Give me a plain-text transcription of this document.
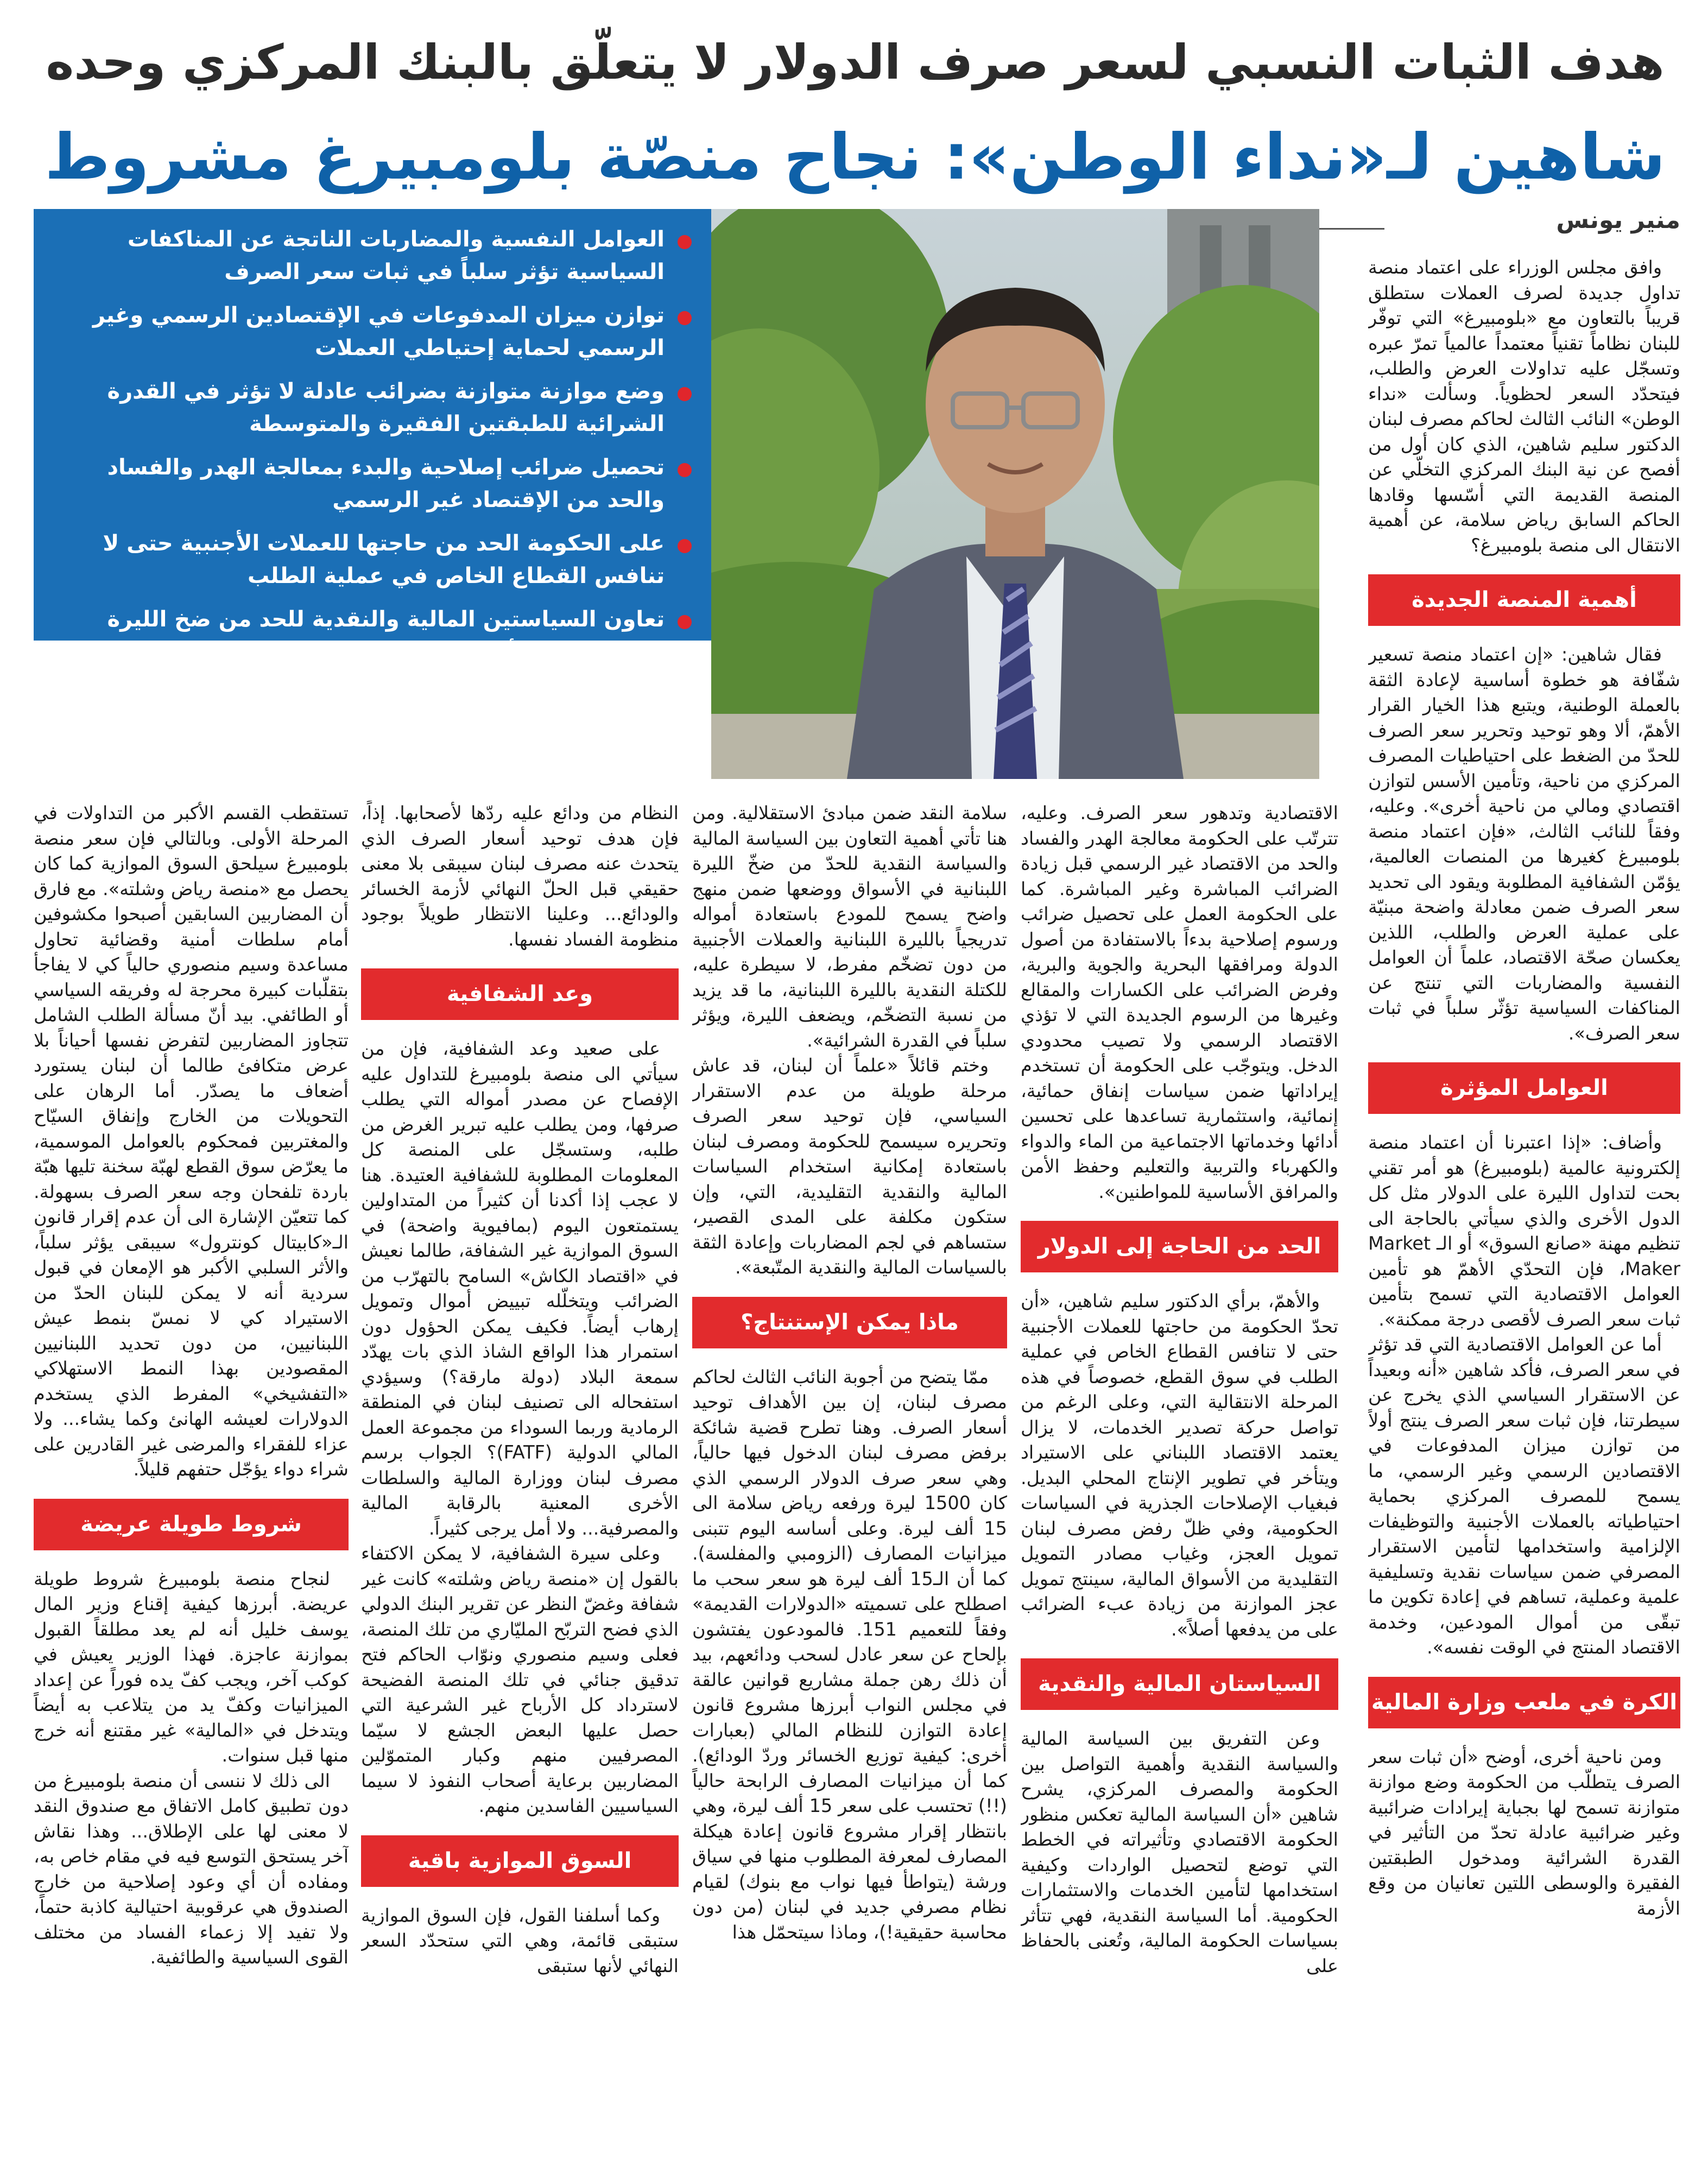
هدف الثبات النسبي لسعر صرف الدولار لا يتعلّق بالبنك المركزي وحده
شاهين لـ«نداء الوطن»: نجاح منصّة بلومبيرغ مشروط
منير يونس
العوامل النفسية والمضاربات الناتجة عن المناكفات السياسية تؤثر سلباً في ثبات سعر الصرف
توازن ميزان المدفوعات في الإقتصادين الرسمي وغير الرسمي لحماية إحتياطي العملات
وضع موازنة متوازنة بضرائب عادلة لا تؤثر في القدرة الشرائية للطبقتين الفقيرة والمتوسطة
تحصيل ضرائب إصلاحية والبدء بمعالجة الهدر والفساد والحد من الإقتصاد غير الرسمي
على الحكومة الحد من حاجتها للعملات الأجنبية حتى لا تنافس القطاع الخاص في عملية الطلب
تعاون السياستين المالية والنقدية للحد من ضخ الليرة اللبنانية في الأسواق ولجم إرتفاع التضخم

وافق مجلس الوزراء على اعتماد منصة تداول جديدة لصرف العملات ستطلق قريباً بالتعاون مع «بلومبيرغ» التي توفّر للبنان نظاماً تقنياً معتمداً عالمياً تمرّ عبره وتسجّل عليه تداولات العرض والطلب، فيتحدّد السعر لحظوياً. وسألت «نداء الوطن» النائب الثالث لحاكم مصرف لبنان الدكتور سليم شاهين، الذي كان أول من أفصح عن نية البنك المركزي التخلّي عن المنصة القديمة التي أسّسها وقادها الحاكم السابق رياض سلامة، عن أهمية الانتقال الى منصة بلومبيرغ؟

أهمية المنصة الجديدة

فقال شاهين: «إن اعتماد منصة تسعير شفّافة هو خطوة أساسية لإعادة الثقة بالعملة الوطنية، ويتبع هذا الخيار القرار الأهمّ، ألا وهو توحيد وتحرير سعر الصرف للحدّ من الضغط على احتياطيات المصرف المركزي من ناحية، وتأمين الأسس لتوازن اقتصادي ومالي من ناحية أخرى». وعليه، وفقاً للنائب الثالث، «فإن اعتماد منصة بلومبيرغ كغيرها من المنصات العالمية، يؤمّن الشفافية المطلوبة ويقود الى تحديد سعر الصرف ضمن معادلة واضحة مبنيّة على عملية العرض والطلب، اللذين يعكسان صحّة الاقتصاد، علماً أن العوامل النفسية والمضاربات التي تنتج عن المناكفات السياسية تؤثّر سلباً في ثبات سعر الصرف».

العوامل المؤثرة

وأضاف: «إذا اعتبرنا أن اعتماد منصة إلكترونية عالمية (بلومبيرغ) هو أمر تقني بحت لتداول الليرة على الدولار مثل كل الدول الأخرى والذي سيأتي بالحاجة الى تنظيم مهنة «صانع السوق» أو الـ Market Maker، فإن التحدّي الأهمّ هو تأمين العوامل الاقتصادية التي تسمح بتأمين ثبات سعر الصرف لأقصى درجة ممكنة».

أما عن العوامل الاقتصادية التي قد تؤثر في سعر الصرف، فأكد شاهين «أنه وبعيداً عن الاستقرار السياسي الذي يخرج عن سيطرتنا، فإن ثبات سعر الصرف ينتج أولاً من توازن ميزان المدفوعات في الاقتصادين الرسمي وغير الرسمي، ما يسمح للمصرف المركزي بحماية احتياطياته بالعملات الأجنبية والتوظيفات الإلزامية واستخدامها لتأمين الاستقرار المصرفي ضمن سياسات نقدية وتسليفية علمية وعملية، تساهم في إعادة تكوين ما تبقّى من أموال المودعين، وخدمة الاقتصاد المنتج في الوقت نفسه».

الكرة في ملعب وزارة المالية

ومن ناحية أخرى، أوضح «أن ثبات سعر الصرف يتطلّب من الحكومة وضع موازنة متوازنة تسمح لها بجباية إيرادات ضرائبية وغير ضرائبية عادلة تحدّ من التأثير في القدرة الشرائية ومدخول الطبقتين الفقيرة والوسطى اللتين تعانيان من وقع الأزمة

الاقتصادية وتدهور سعر الصرف. وعليه، تترتّب على الحكومة معالجة الهدر والفساد والحد من الاقتصاد غير الرسمي قبل زيادة الضرائب المباشرة وغير المباشرة. كما على الحكومة العمل على تحصيل ضرائب ورسوم إصلاحية بدءاً بالاستفادة من أصول الدولة ومرافقها البحرية والجوية والبرية، وفرض الضرائب على الكسارات والمقالع وغيرها من الرسوم الجديدة التي لا تؤذي الاقتصاد الرسمي ولا تصيب محدودي الدخل. ويتوجّب على الحكومة أن تستخدم إيراداتها ضمن سياسات إنفاق حمائية، إنمائية، واستثمارية تساعدها على تحسين أدائها وخدماتها الاجتماعية من الماء والدواء والكهرباء والتربية والتعليم وحفظ الأمن والمرافق الأساسية للمواطنين».

الحد من الحاجة إلى الدولار

والأهمّ، برأي الدكتور سليم شاهين، «أن تحدّ الحكومة من حاجتها للعملات الأجنبية حتى لا تنافس القطاع الخاص في عملية الطلب في سوق القطع، خصوصاً في هذه المرحلة الانتقالية التي، وعلى الرغم من تواصل حركة تصدير الخدمات، لا يزال يعتمد الاقتصاد اللبناني على الاستيراد ويتأخر في تطوير الإنتاج المحلي البديل. فبغياب الإصلاحات الجذرية في السياسات الحكومية، وفي ظلّ رفض مصرف لبنان تمويل العجز، وغياب مصادر التمويل التقليدية من الأسواق المالية، سينتج تمويل عجز الموازنة من زيادة عبء الضرائب على من يدفعها أصلاً».

السياستان المالية والنقدية

وعن التفريق بين السياسة المالية والسياسة النقدية وأهمية التواصل بين الحكومة والمصرف المركزي، يشرح شاهين «أن السياسة المالية تعكس منظور الحكومة الاقتصادي وتأثيراته في الخطط التي توضع لتحصيل الواردات وكيفية استخدامها لتأمين الخدمات والاستثمارات الحكومية. أما السياسة النقدية، فهي تتأثر بسياسات الحكومة المالية، وتُعنى بالحفاظ على

سلامة النقد ضمن مبادئ الاستقلالية. ومن هنا تأتي أهمية التعاون بين السياسة المالية والسياسة النقدية للحدّ من ضخّ الليرة اللبنانية في الأسواق ووضعها ضمن منهج واضح يسمح للمودع باستعادة أمواله تدريجياً بالليرة اللبنانية والعملات الأجنبية من دون تضخّم مفرط، لا سيطرة عليه، للكتلة النقدية بالليرة اللبنانية، ما قد يزيد من نسبة التضخّم، ويضعف الليرة، ويؤثر سلباً في القدرة الشرائية».

وختم قائلاً «علماً أن لبنان، قد عاش مرحلة طويلة من عدم الاستقرار السياسي، فإن توحيد سعر الصرف وتحريره سيسمح للحكومة ومصرف لبنان باستعادة إمكانية استخدام السياسات المالية والنقدية التقليدية، التي، وإن ستكون مكلفة على المدى القصير، ستساهم في لجم المضاربات وإعادة الثقة بالسياسات المالية والنقدية المتّبعة».

ماذا يمكن الإستنتاج؟

ممّا يتضح من أجوبة النائب الثالث لحاكم مصرف لبنان، إن بين الأهداف توحيد أسعار الصرف. وهنا تطرح قضية شائكة برفض مصرف لبنان الدخول فيها حالياً، وهي سعر صرف الدولار الرسمي الذي كان 1500 ليرة ورفعه رياض سلامة الى 15 ألف ليرة. وعلى أساسه اليوم تتبنى ميزانيات المصارف (الزومبي والمفلسة). كما أن الـ15 ألف ليرة هو سعر سحب ما اصطلح على تسميته «الدولارات القديمة» وفقاً للتعميم 151. فالمودعون يفتشون بإلحاح عن سعر عادل لسحب ودائعهم، بيد أن ذلك رهن جملة مشاريع قوانين عالقة في مجلس النواب أبرزها مشروع قانون إعادة التوازن للنظام المالي (بعبارات أخرى: كيفية توزيع الخسائر وردّ الودائع). كما أن ميزانيات المصارف الرابحة حالياً (!!) تحتسب على سعر 15 ألف ليرة، وهي بانتظار إقرار مشروع قانون إعادة هيكلة المصارف لمعرفة المطلوب منها في سياق ورشة (يتواطأ فيها نواب مع بنوك) لقيام نظام مصرفي جديد في لبنان (من دون محاسبة حقيقية!)، وماذا سيتحمّل هذا

النظام من ودائع عليه ردّها لأصحابها. إذاً، فإن هدف توحيد أسعار الصرف الذي يتحدث عنه مصرف لبنان سيبقى بلا معنى حقيقي قبل الحلّ النهائي لأزمة الخسائر والودائع... وعلينا الانتظار طويلاً بوجود منظومة الفساد نفسها.

وعد الشفافية

على صعيد وعد الشفافية، فإن من سيأتي الى منصة بلومبيرغ للتداول عليه الإفصاح عن مصدر أمواله التي يطلب صرفها، ومن يطلب عليه تبرير الغرض من طلبه، وستسجّل على المنصة كل المعلومات المطلوبة للشفافية العتيدة. هنا لا عجب إذا أكدنا أن كثيراً من المتداولين يستمتعون اليوم (بمافيوية واضحة) في السوق الموازية غير الشفافة، طالما نعيش في «اقتصاد الكاش» السامح بالتهرّب من الضرائب ويتخلّله تبييض أموال وتمويل إرهاب أيضاً. فكيف يمكن الحؤول دون استمرار هذا الواقع الشاذ الذي بات يهدّد سمعة البلاد (دولة مارقة؟) وسيؤدي استفحاله الى تصنيف لبنان في المنطقة الرمادية وربما السوداء من مجموعة العمل المالي الدولية (FATF)؟ الجواب برسم مصرف لبنان ووزارة المالية والسلطات الأخرى المعنية بالرقابة المالية والمصرفية... ولا أمل يرجى كثيراً.

وعلى سيرة الشفافية، لا يمكن الاكتفاء بالقول إن «منصة رياض وشلته» كانت غير شفافة وغضّ النظر عن تقرير البنك الدولي الذي فضح التربّح المليّاري من تلك المنصة، فعلى وسيم منصوري ونوّاب الحاكم فتح تدقيق جنائي في تلك المنصة الفضيحة لاسترداد كل الأرباح غير الشرعية التي حصل عليها البعض الجشع لا سيّما المصرفيين منهم وكبار المتموّلين المضاربين برعاية أصحاب النفوذ لا سيما السياسيين الفاسدين منهم.

السوق الموازية باقية

وكما أسلفنا القول، فإن السوق الموازية ستبقى قائمة، وهي التي ستحدّد السعر النهائي لأنها ستبقى

تستقطب القسم الأكبر من التداولات في المرحلة الأولى. وبالتالي فإن سعر منصة بلومبيرغ سيلحق السوق الموازية كما كان يحصل مع «منصة رياض وشلته». مع فارق أن المضاربين السابقين أصبحوا مكشوفين أمام سلطات أمنية وقضائية تحاول مساعدة وسيم منصوري حالياً كي لا يفاجأ بتقلّبات كبيرة محرجة له وفريقه السياسي أو الطائفي. بيد أنّ مسألة الطلب الشامل تتجاوز المضاربين لتفرض نفسها أحياناً بلا عرض متكافئ طالما أن لبنان يستورد أضعاف ما يصدّر. أما الرهان على التحويلات من الخارج وإنفاق السيّاح والمغتربين فمحكوم بالعوامل الموسمية، ما يعرّض سوق القطع لهبّة سخنة تليها هبّة باردة تلفحان وجه سعر الصرف بسهولة. كما تتعيّن الإشارة الى أن عدم إقرار قانون الـ«كابيتال كونترول» سيبقى يؤثر سلباً، والأثر السلبي الأكبر هو الإمعان في قبول سردية أنه لا يمكن للبنان الحدّ من الاستيراد كي لا نمسّ بنمط عيش اللبنانيين، من دون تحديد اللبنانيين المقصودين بهذا النمط الاستهلاكي «التفشيخي» المفرط الذي يستخدم الدولارات لعيشه الهانئ وكما يشاء... ولا عزاء للفقراء والمرضى غير القادرين على شراء دواء يؤجّل حتفهم قليلاً.

شروط طويلة عريضة

لنجاح منصة بلومبيرغ شروط طويلة عريضة. أبرزها كيفية إقناع وزير المال يوسف خليل أنه لم يعد مطلقاً القبول بموازنة عاجزة. فهذا الوزير يعيش في كوكب آخر، ويجب كفّ يده فوراً عن إعداد الميزانيات وكفّ يد من يتلاعب به أيضاً ويتدخل في «المالية» غير مقتنع أنه خرج منها قبل سنوات.

الى ذلك لا ننسى أن منصة بلومبيرغ من دون تطبيق كامل الاتفاق مع صندوق النقد لا معنى لها على الإطلاق... وهذا نقاش آخر يستحق التوسع فيه في مقام خاص به، ومفاده أن أي وعود إصلاحية من خارج الصندوق هي عرقوبية احتيالية كاذبة حتماً، ولا تفيد إلا زعماء الفساد من مختلف القوى السياسية والطائفية.
